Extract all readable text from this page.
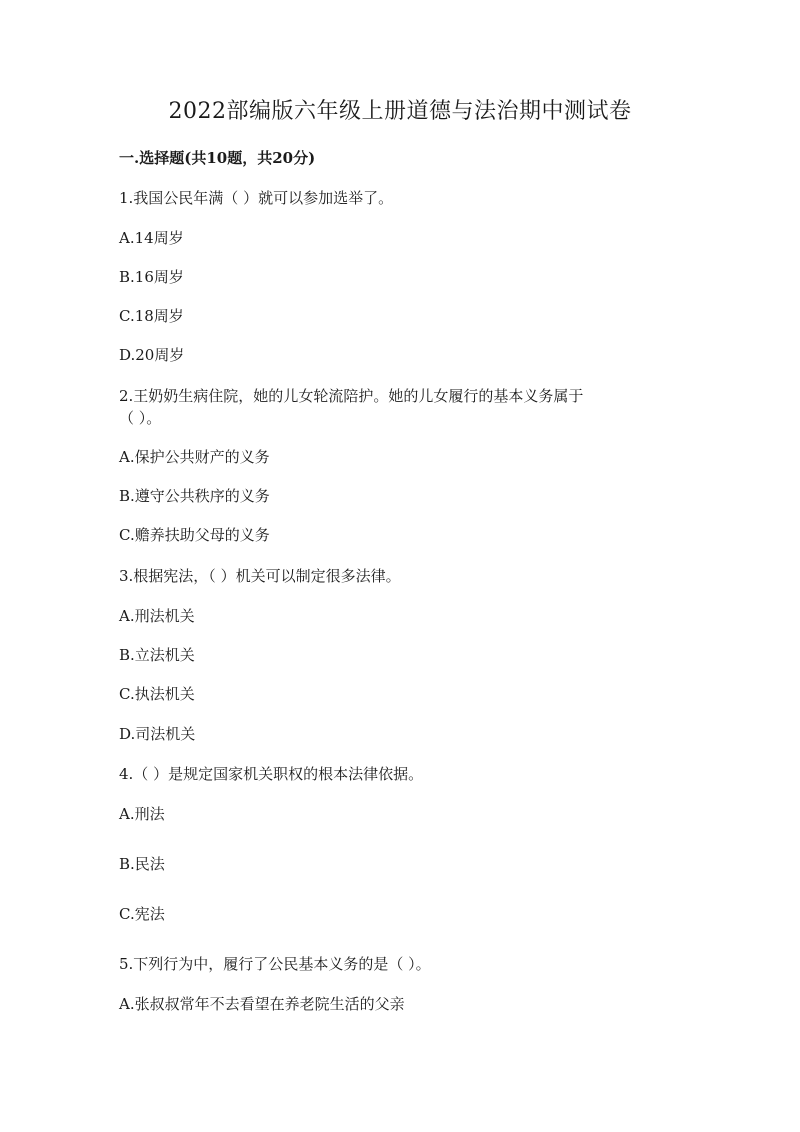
2022部编版六年级上册道德与法治期中测试卷

一.选择题(共10题，共20分)

1.我国公民年满（ ）就可以参加选举了。

A.14周岁

B.16周岁

C.18周岁

D.20周岁

2.王奶奶生病住院，她的儿女轮流陪护。她的儿女履行的基本义务属于

（ ）。

A.保护公共财产的义务

B.遵守公共秩序的义务

C.赡养扶助父母的义务

3.根据宪法，（ ）机关可以制定很多法律。

A.刑法机关

B.立法机关

C.执法机关

D.司法机关

4.（ ）是规定国家机关职权的根本法律依据。

A.刑法

B.民法

C.宪法

5.下列行为中，履行了公民基本义务的是（ ）。

A.张叔叔常年不去看望在养老院生活的父亲
